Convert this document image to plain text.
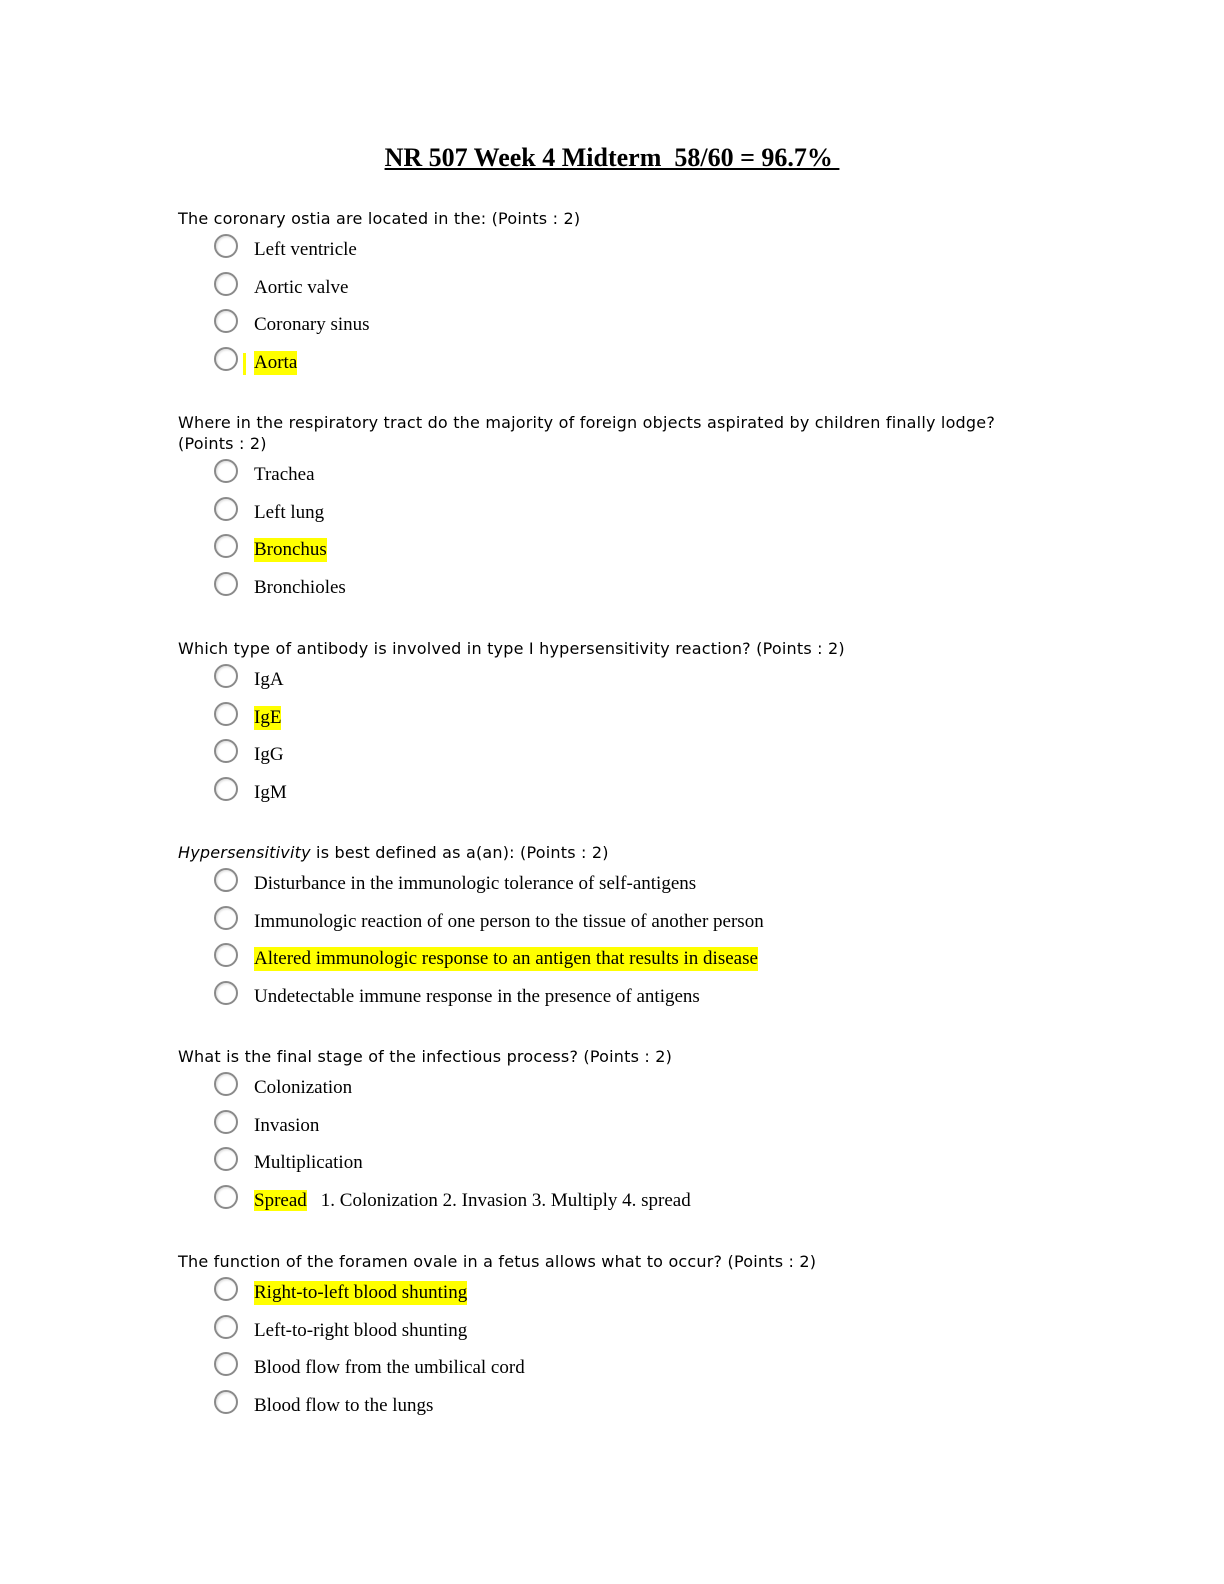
NR 507 Week 4 Midterm  58/60 = 96.7%
The coronary ostia are located in the: (Points : 2)
Left ventricle
Aortic valve
Coronary sinus
Aorta
Where in the respiratory tract do the majority of foreign objects aspirated by children finally lodge? (Points : 2)
Trachea
Left lung
Bronchus
Bronchioles
Which type of antibody is involved in type I hypersensitivity reaction? (Points : 2)
IgA
IgE
IgG
IgM
Hypersensitivity is best defined as a(an): (Points : 2)
Disturbance in the immunologic tolerance of self-antigens
Immunologic reaction of one person to the tissue of another person
Altered immunologic response to an antigen that results in disease
Undetectable immune response in the presence of antigens
What is the final stage of the infectious process? (Points : 2)
Colonization
Invasion
Multiplication
Spread 1. Colonization 2. Invasion 3. Multiply 4. spread
The function of the foramen ovale in a fetus allows what to occur? (Points : 2)
Right-to-left blood shunting
Left-to-right blood shunting
Blood flow from the umbilical cord
Blood flow to the lungs
